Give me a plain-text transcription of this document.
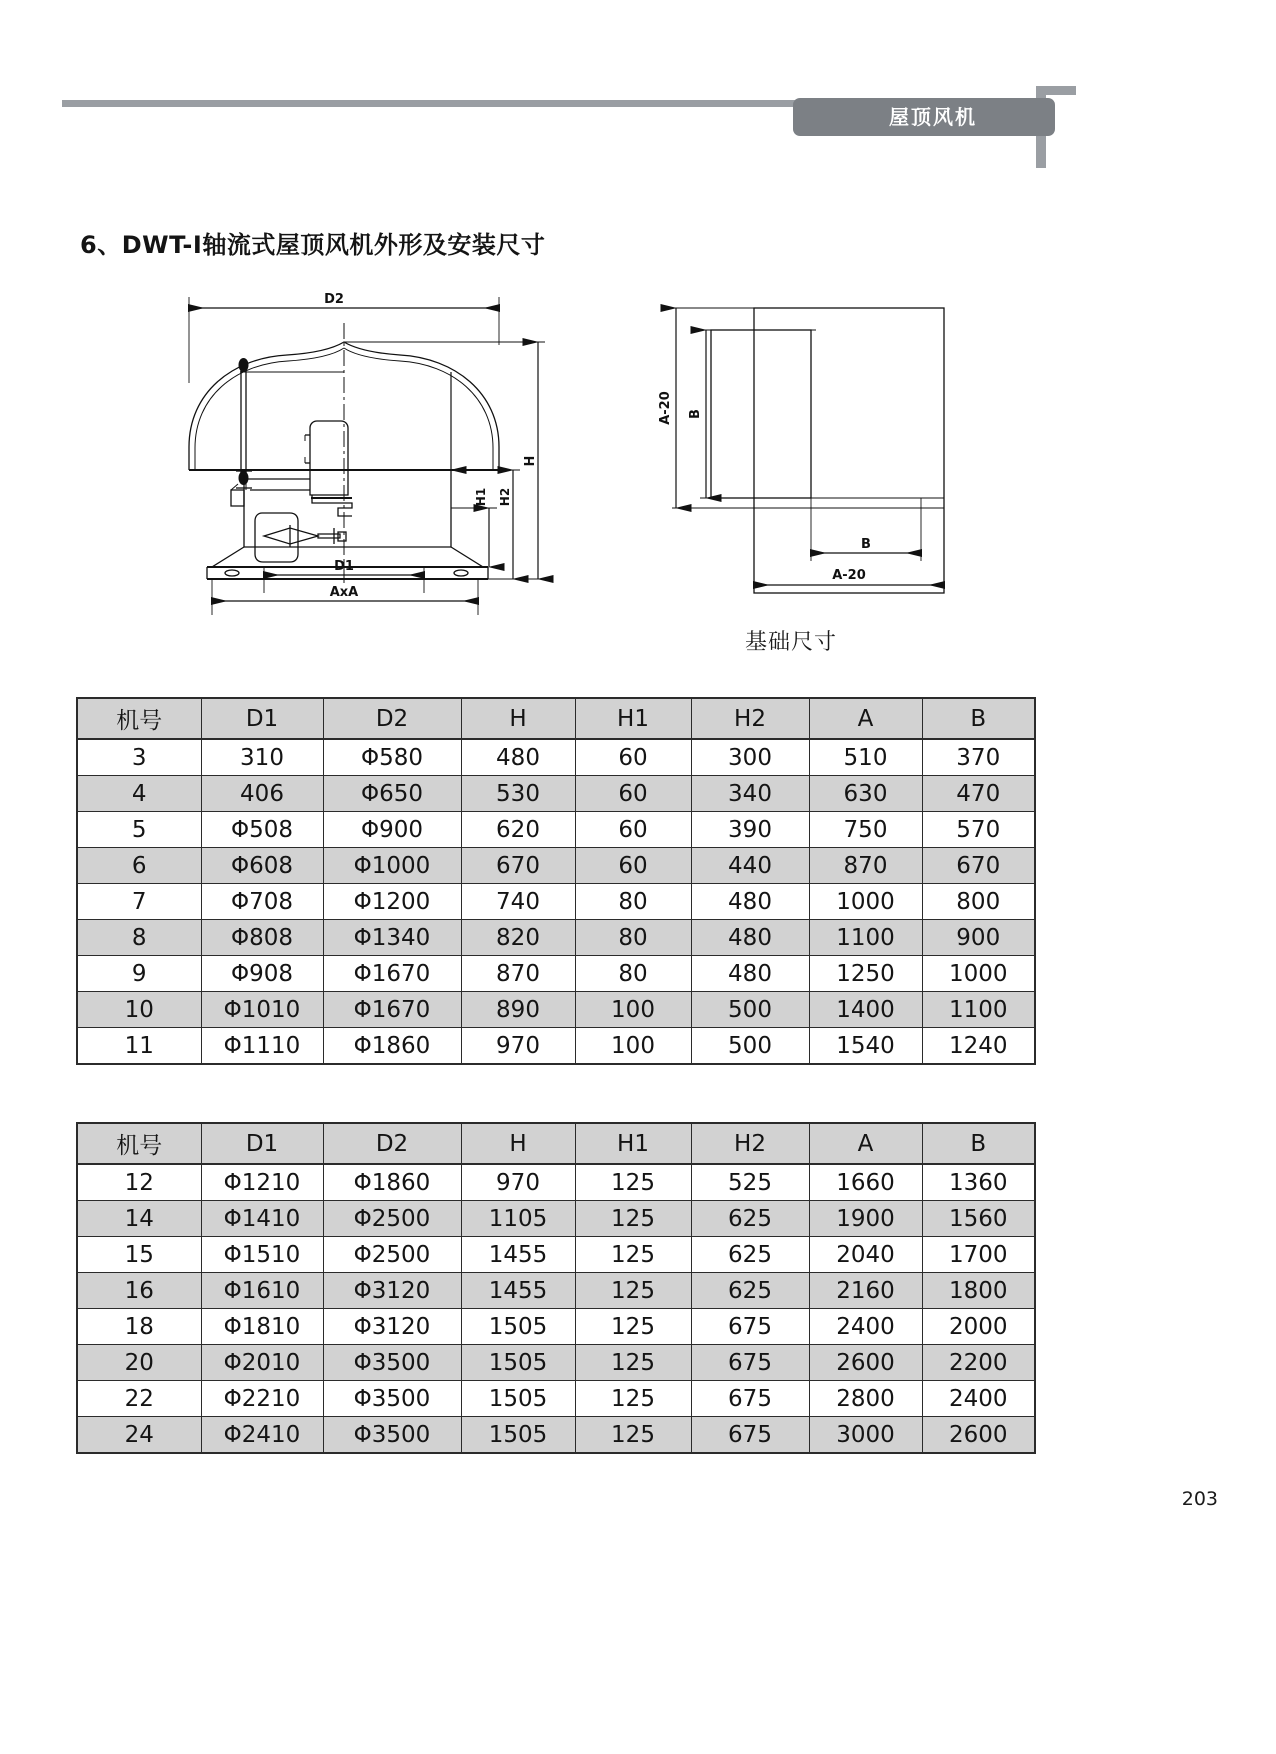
屋顶风机
6、DWT-I轴流式屋顶风机外形及安装尺寸
D2
H
H2
H1
D1
AxA
A-20 B
B
A-20
基础尺寸
机号	D1	D2	H	H1	H2	A	B
3	310	Φ580	480	60	300	510	370
4	406	Φ650	530	60	340	630	470
5	Φ508	Φ900	620	60	390	750	570
6	Φ608	Φ1000	670	60	440	870	670
7	Φ708	Φ1200	740	80	480	1000	800
8	Φ808	Φ1340	820	80	480	1100	900
9	Φ908	Φ1670	870	80	480	1250	1000
10	Φ1010	Φ1670	890	100	500	1400	1100
11	Φ1110	Φ1860	970	100	500	1540	1240
机号	D1	D2	H	H1	H2	A	B
12	Φ1210	Φ1860	970	125	525	1660	1360
14	Φ1410	Φ2500	1105	125	625	1900	1560
15	Φ1510	Φ2500	1455	125	625	2040	1700
16	Φ1610	Φ3120	1455	125	625	2160	1800
18	Φ1810	Φ3120	1505	125	675	2400	2000
20	Φ2010	Φ3500	1505	125	675	2600	2200
22	Φ2210	Φ3500	1505	125	675	2800	2400
24	Φ2410	Φ3500	1505	125	675	3000	2600
203
